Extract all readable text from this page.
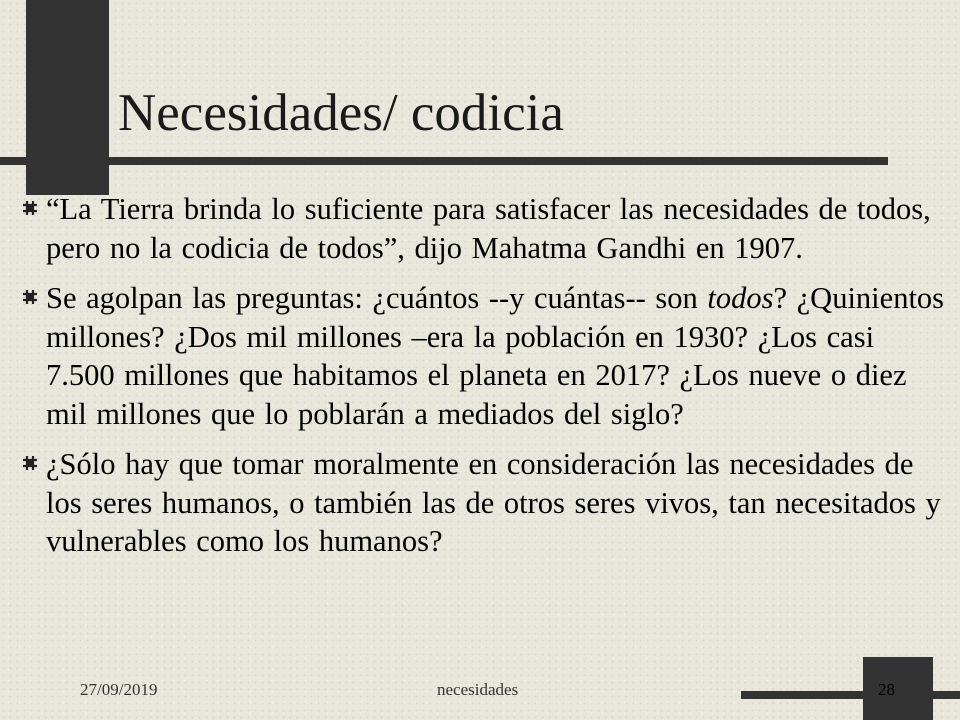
Necesidades/ codicia
“La Tierra brinda lo suficiente para satisfacer las necesidades de todos, pero no la codicia de todos”, dijo Mahatma Gandhi en 1907.
Se agolpan las preguntas: ¿cuántos --y cuántas-- son todos? ¿Quinientos millones? ¿Dos mil millones –era la población en 1930? ¿Los casi 7.500 millones que habitamos el planeta en 2017? ¿Los nueve o diez mil millones que lo poblarán a mediados del siglo?
¿Sólo hay que tomar moralmente en consideración las necesidades de los seres humanos, o también las de otros seres vivos, tan necesitados y vulnerables como los humanos?
27/09/2019	necesidades	28
